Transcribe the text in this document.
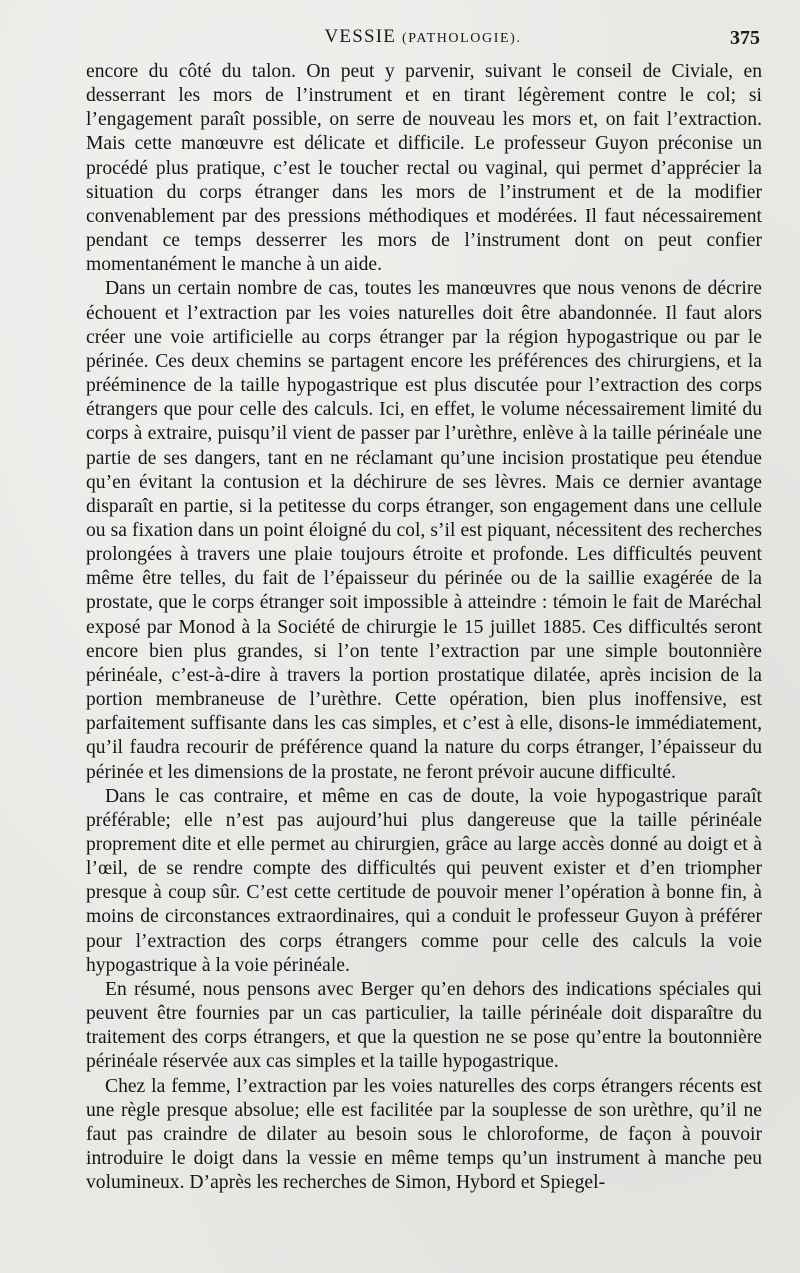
VESSIE (PATHOLOGIE).	375

encore du côté du talon. On peut y parvenir, suivant le conseil de Civiale, en desserrant les mors de l’instrument et en tirant légèrement contre le col; si l’engagement paraît possible, on serre de nouveau les mors et, on fait l’extraction. Mais cette manœuvre est délicate et difficile. Le professeur Guyon préconise un procédé plus pratique, c’est le toucher rectal ou vaginal, qui permet d’apprécier la situation du corps étranger dans les mors de l’instrument et de la modifier convenablement par des pressions méthodiques et modérées. Il faut nécessairement pendant ce temps desserrer les mors de l’instrument dont on peut confier momentanément le manche à un aide.

Dans un certain nombre de cas, toutes les manœuvres que nous venons de décrire échouent et l’extraction par les voies naturelles doit être abandonnée. Il faut alors créer une voie artificielle au corps étranger par la région hypogastrique ou par le périnée. Ces deux chemins se partagent encore les préférences des chirurgiens, et la prééminence de la taille hypogastrique est plus discutée pour l’extraction des corps étrangers que pour celle des calculs. Ici, en effet, le volume nécessairement limité du corps à extraire, puisqu’il vient de passer par l’urèthre, enlève à la taille périnéale une partie de ses dangers, tant en ne réclamant qu’une incision prostatique peu étendue qu’en évitant la contusion et la déchirure de ses lèvres. Mais ce dernier avantage disparaît en partie, si la petitesse du corps étranger, son engagement dans une cellule ou sa fixation dans un point éloigné du col, s’il est piquant, nécessitent des recherches prolongées à travers une plaie toujours étroite et profonde. Les difficultés peuvent même être telles, du fait de l’épaisseur du périnée ou de la saillie exagérée de la prostate, que le corps étranger soit impossible à atteindre : témoin le fait de Maréchal exposé par Monod à la Société de chirurgie le 15 juillet 1885. Ces difficultés seront encore bien plus grandes, si l’on tente l’extraction par une simple boutonnière périnéale, c’est-à-dire à travers la portion prostatique dilatée, après incision de la portion membraneuse de l’urèthre. Cette opération, bien plus inoffensive, est parfaitement suffisante dans les cas simples, et c’est à elle, disons-le immédiatement, qu’il faudra recourir de préférence quand la nature du corps étranger, l’épaisseur du périnée et les dimensions de la prostate, ne feront prévoir aucune difficulté.

Dans le cas contraire, et même en cas de doute, la voie hypogastrique paraît préférable; elle n’est pas aujourd’hui plus dangereuse que la taille périnéale proprement dite et elle permet au chirurgien, grâce au large accès donné au doigt et à l’œil, de se rendre compte des difficultés qui peuvent exister et d’en triompher presque à coup sûr. C’est cette certitude de pouvoir mener l’opération à bonne fin, à moins de circonstances extraordinaires, qui a conduit le professeur Guyon à préférer pour l’extraction des corps étrangers comme pour celle des calculs la voie hypogastrique à la voie périnéale.

En résumé, nous pensons avec Berger qu’en dehors des indications spéciales qui peuvent être fournies par un cas particulier, la taille périnéale doit disparaître du traitement des corps étrangers, et que la question ne se pose qu’entre la boutonnière périnéale réservée aux cas simples et la taille hypogastrique.

Chez la femme, l’extraction par les voies naturelles des corps étrangers récents est une règle presque absolue; elle est facilitée par la souplesse de son urèthre, qu’il ne faut pas craindre de dilater au besoin sous le chloroforme, de façon à pouvoir introduire le doigt dans la vessie en même temps qu’un instrument à manche peu volumineux. D’après les recherches de Simon, Hybord et Spiegel-
